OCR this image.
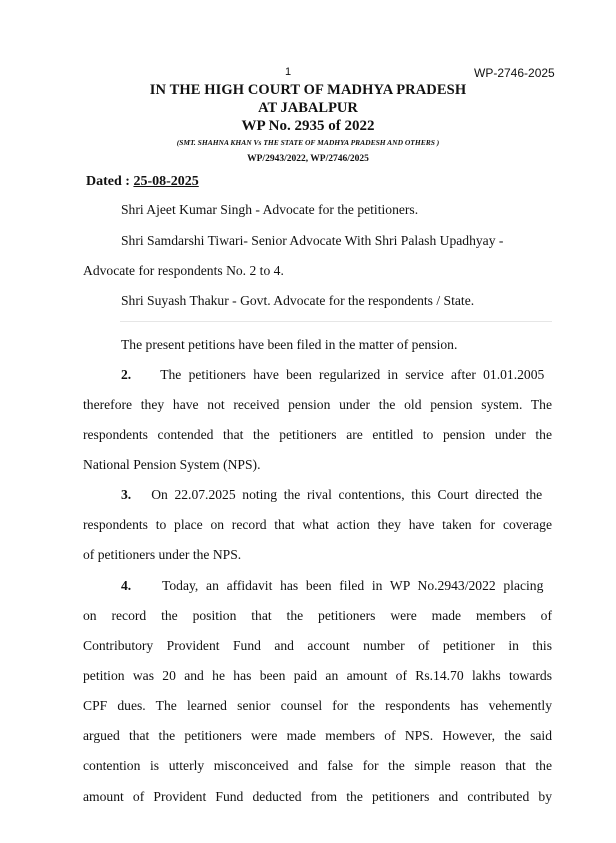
1	WP-2746-2025
IN THE HIGH COURT OF MADHYA PRADESH
AT JABALPUR
WP No. 2935 of 2022
(SMT. SHAHNA KHAN Vs THE STATE OF MADHYA PRADESH AND OTHERS )
WP/2943/2022, WP/2746/2025
Dated : 25-08-2025
Shri Ajeet Kumar Singh - Advocate for the petitioners.
Shri Samdarshi Tiwari- Senior Advocate With Shri Palash Upadhyay -
Advocate for respondents No. 2 to 4.
Shri Suyash Thakur - Govt. Advocate for the respondents / State.
The present petitions have been filed in the matter of pension.
2. The petitioners have been regularized in service after 01.01.2005
therefore they have not received pension under the old pension system. The
respondents contended that the petitioners are entitled to pension under the
National Pension System (NPS).
3. On 22.07.2025 noting the rival contentions, this Court directed the
respondents to place on record that what action they have taken for coverage
of petitioners under the NPS.
4. Today, an affidavit has been filed in WP No.2943/2022 placing
on record the position that the petitioners were made members of
Contributory Provident Fund and account number of petitioner in this
petition was 20 and he has been paid an amount of Rs.14.70 lakhs towards
CPF dues. The learned senior counsel for the respondents has vehemently
argued that the petitioners were made members of NPS. However, the said
contention is utterly misconceived and false for the simple reason that the
amount of Provident Fund deducted from the petitioners and contributed by
